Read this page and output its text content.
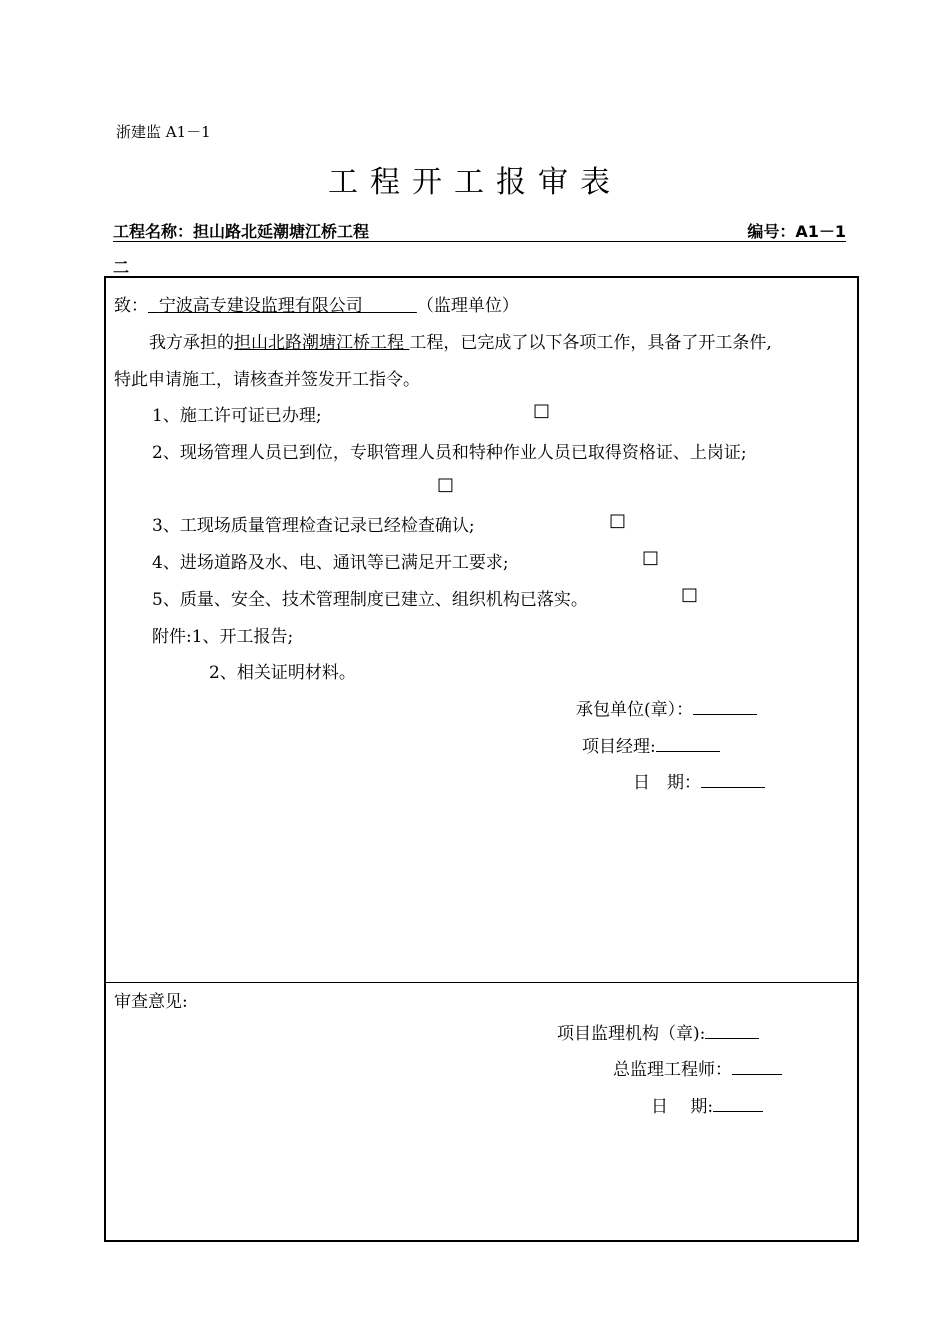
浙建监 A1－1
工程开工报审表
工程名称：担山路北延潮塘江桥工程	编号：A1－1
二
致： 宁波高专建设监理有限公司	（监理单位）
我方承担的担山北路潮塘江桥工程 工程，已完成了以下各项工作，具备了开工条件,
特此申请施工，请核查并签发开工指令。
1、施工许可证已办理;	□
2、现场管理人员已到位，专职管理人员和特种作业人员已取得资格证、上岗证;
□
3、工现场质量管理检查记录已经检查确认;	□
4、进场道路及水、电、通讯等已满足开工要求;	□
5、质量、安全、技术管理制度已建立、组织机构已落实。	□
附件:1、开工报告;
2、相关证明材料。
承包单位(章）：
项目经理:
日　期：
审查意见:
项目监理机构（章):
总监理工程师：
日　 期:
